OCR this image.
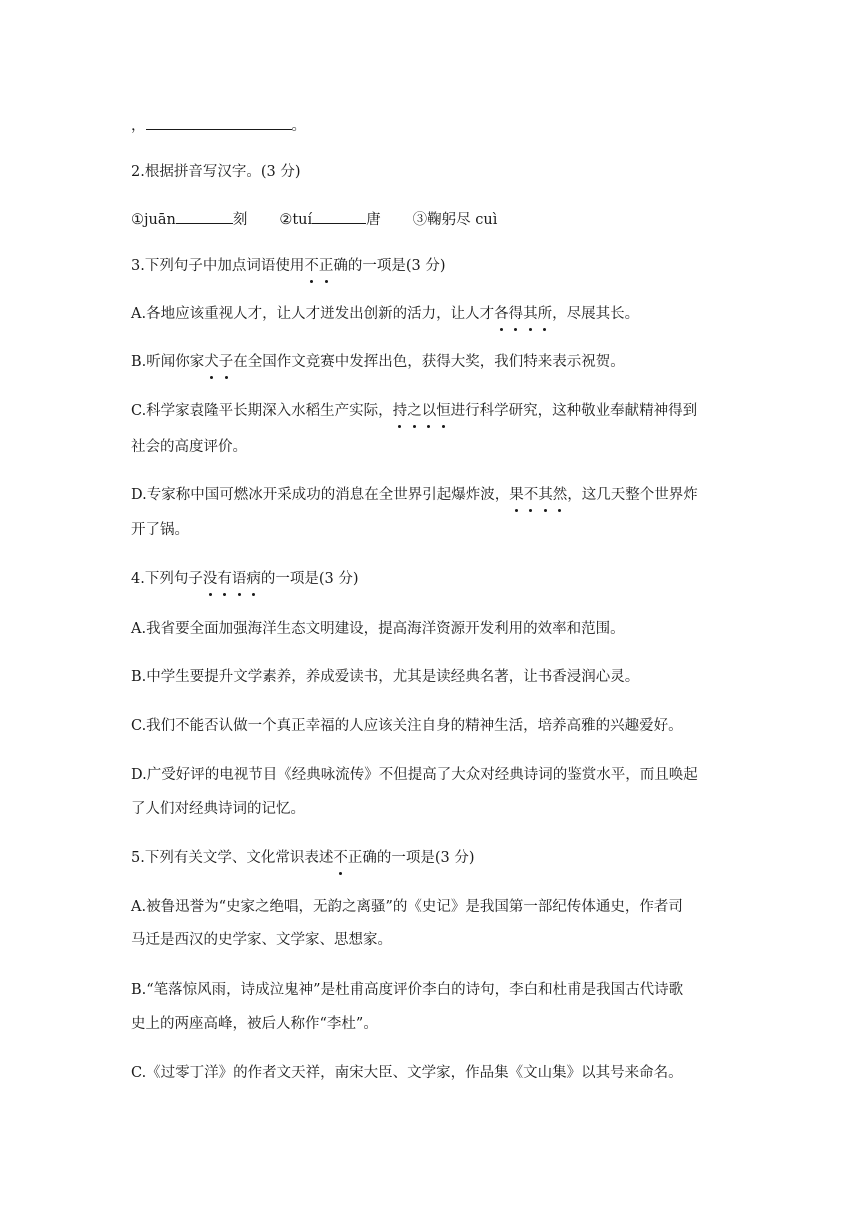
，	。
2.根据拼音写汉字。(3 分)
①juān	刻 ②tuí	唐 ③鞠躬尽 cuì
3.下列句子中加点词语使用不正确的一项是(3 分)
A.各地应该重视人才，让人才迸发出创新的活力，让人才各得其所，尽展其长。
B.听闻你家犬子在全国作文竞赛中发挥出色，获得大奖，我们特来表示祝贺。
C.科学家袁隆平长期深入水稻生产实际，持之以恒进行科学研究，这种敬业奉献精神得到
社会的高度评价。
D.专家称中国可燃冰开采成功的消息在全世界引起爆炸波，果不其然，这几天整个世界炸
开了锅。
4.下列句子没有语病的一项是(3 分)
A.我省要全面加强海洋生态文明建设，提高海洋资源开发利用的效率和范围。
B.中学生要提升文学素养，养成爱读书，尤其是读经典名著，让书香浸润心灵。
C.我们不能否认做一个真正幸福的人应该关注自身的精神生活，培养高雅的兴趣爱好。
D.广受好评的电视节目《经典咏流传》不但提高了大众对经典诗词的鉴赏水平，而且唤起
了人们对经典诗词的记忆。
5.下列有关文学、文化常识表述不正确的一项是(3 分)
A.被鲁迅誉为“史家之绝唱，无韵之离骚”的《史记》是我国第一部纪传体通史，作者司
马迁是西汉的史学家、文学家、思想家。
B.“笔落惊风雨，诗成泣鬼神”是杜甫高度评价李白的诗句，李白和杜甫是我国古代诗歌
史上的两座高峰，被后人称作“李杜”。
C.《过零丁洋》的作者文天祥，南宋大臣、文学家，作品集《文山集》以其号来命名。
